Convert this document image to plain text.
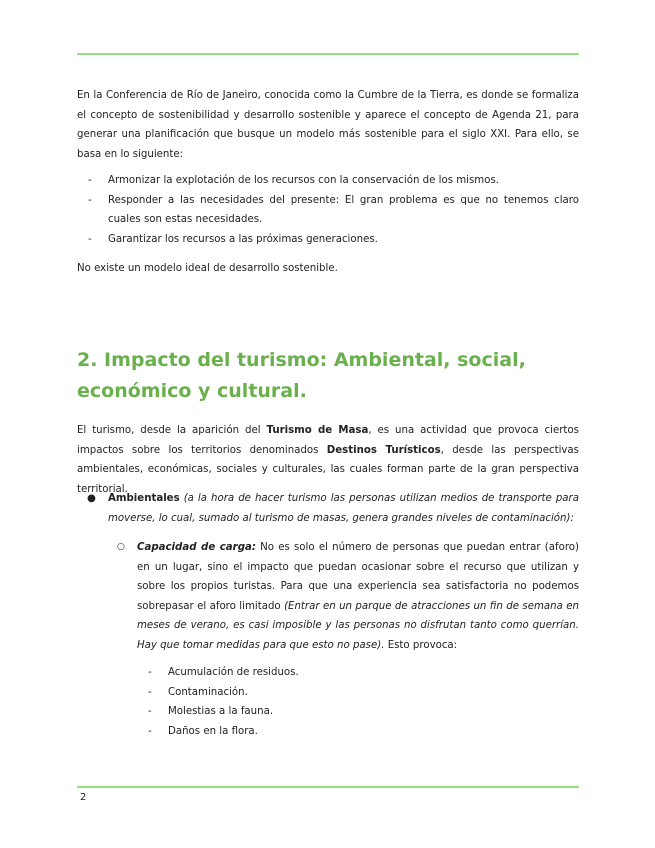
En la Conferencia de Río de Janeiro, conocida como la Cumbre de la Tierra, es donde se formaliza el concepto de sostenibilidad y desarrollo sostenible y aparece el concepto de Agenda 21, para generar una planificación que busque un modelo más sostenible para el siglo XXI. Para ello, se basa en lo siguiente:

- Armonizar la explotación de los recursos con la conservación de los mismos.
- Responder a las necesidades del presente: El gran problema es que no tenemos claro cuales son estas necesidades.
- Garantizar los recursos a las próximas generaciones.

No existe un modelo ideal de desarrollo sostenible.

2. Impacto del turismo: Ambiental, social, económico y cultural.

El turismo, desde la aparición del Turismo de Masa, es una actividad que provoca ciertos impactos sobre los territorios denominados Destinos Turísticos, desde las perspectivas ambientales, económicas, sociales y culturales, las cuales forman parte de la gran perspectiva territorial.

● Ambientales (a la hora de hacer turismo las personas utilizan medios de transporte para moverse, lo cual, sumado al turismo de masas, genera grandes niveles de contaminación):
○ Capacidad de carga: No es solo el número de personas que puedan entrar (aforo) en un lugar, sino el impacto que puedan ocasionar sobre el recurso que utilizan y sobre los propios turistas. Para que una experiencia sea satisfactoria no podemos sobrepasar el aforo limitado (Entrar en un parque de atracciones un fin de semana en meses de verano, es casi imposible y las personas no disfrutan tanto como querrían. Hay que tomar medidas para que esto no pase). Esto provoca:
- Acumulación de residuos.
- Contaminación.
- Molestias a la fauna.
- Daños en la flora.
2
